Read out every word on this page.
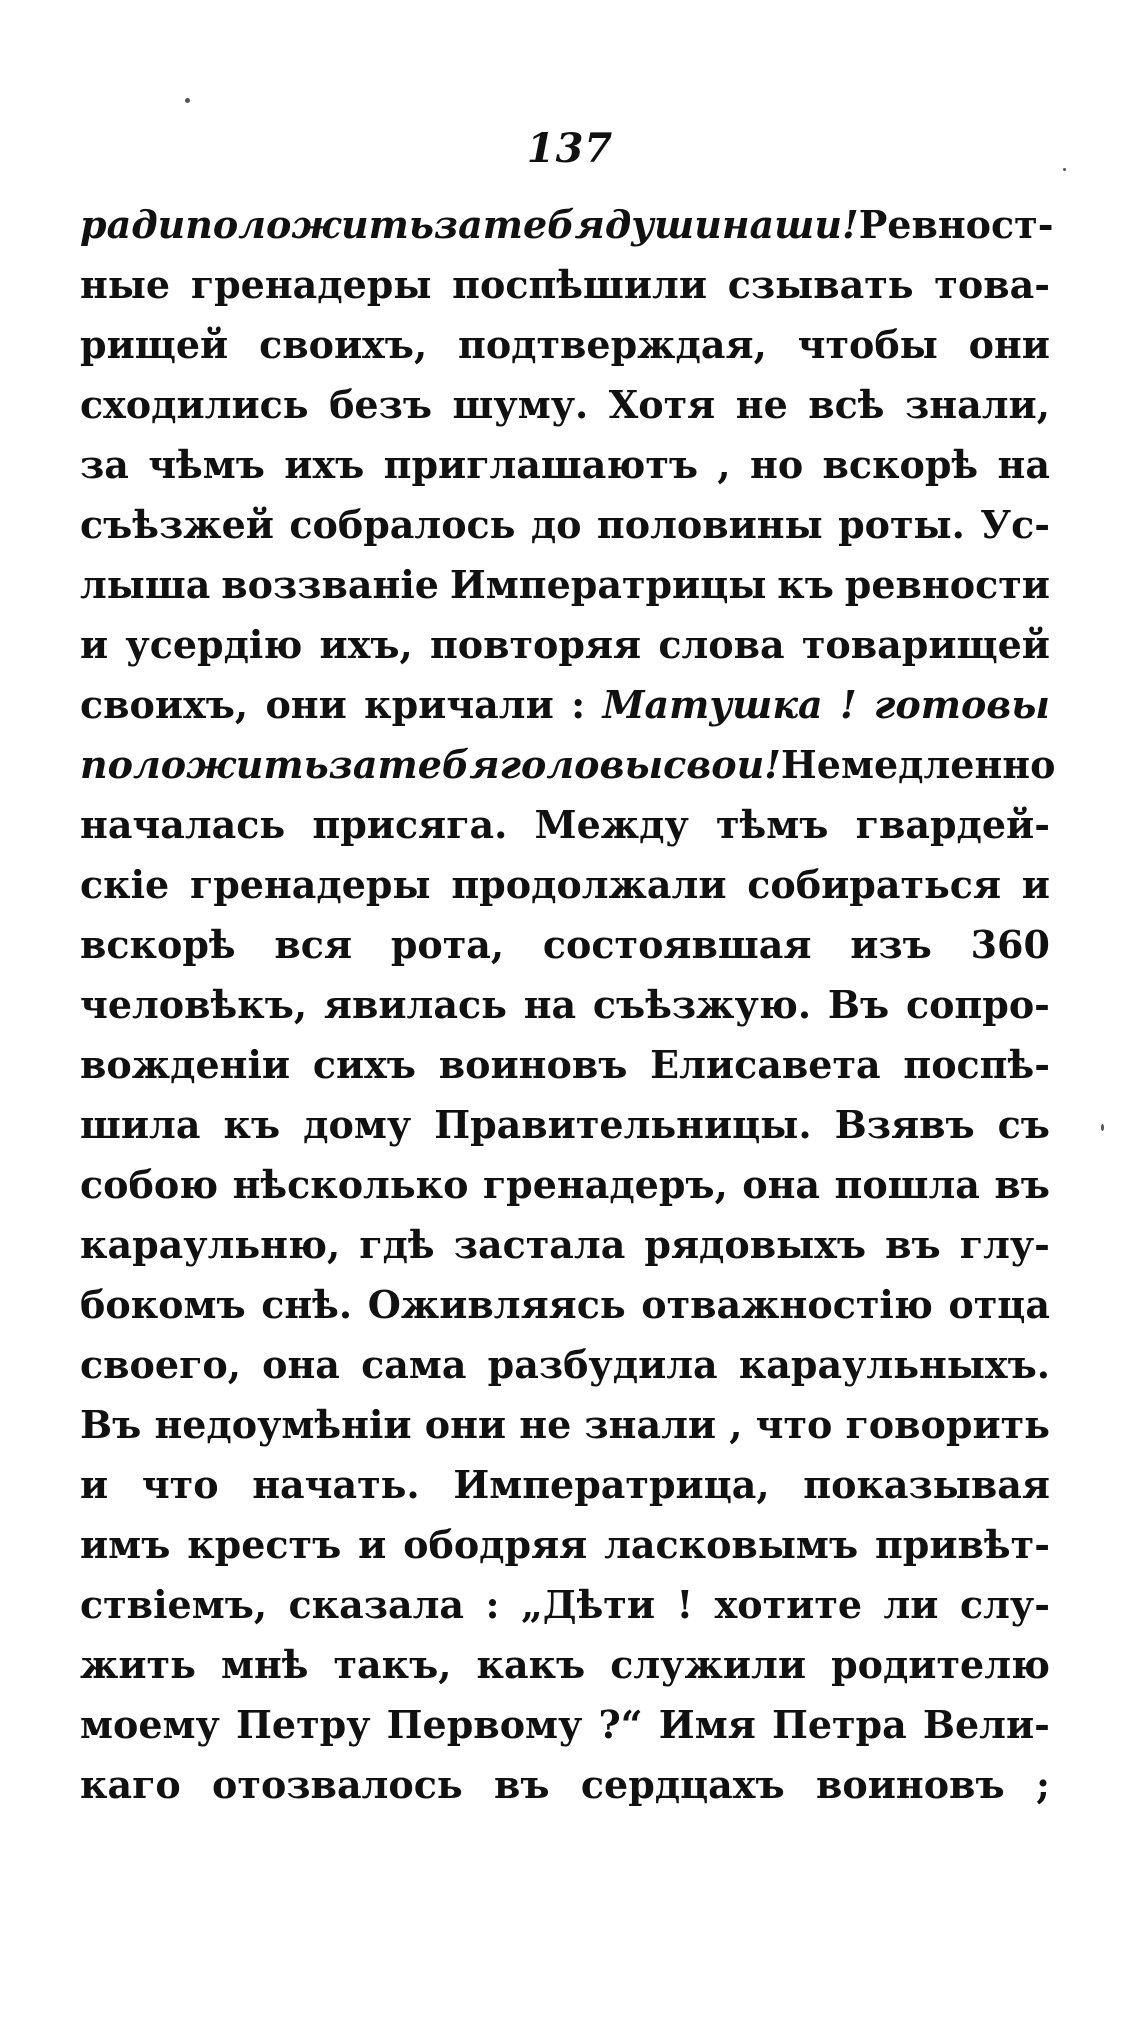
137
ради положить за тебя души наши ! Ревност-
ные гренадеры поспѣшили сзывать това-
рищей своихъ, подтверждая, чтобы они
сходились безъ шуму. Хотя не всѣ знали,
за чѣмъ ихъ приглашаютъ , но вскорѣ на
съѣзжей собралось до половины роты. Ус-
лыша воззваніе Императрицы къ ревности
и усердію ихъ, повторяя слова товарищей
своихъ, они кричали : Матушка ! готовы
положить за тебя головы свои ! Немедленно
началась присяга. Между тѣмъ гвардей-
скіе гренадеры продолжали собираться и
вскорѣ вся рота, состоявшая изъ 360
человѣкъ, явилась на съѣзжую. Въ сопро-
вожденіи сихъ воиновъ Елисавета поспѣ-
шила къ дому Правительницы. Взявъ съ
собою нѣсколько гренадеръ, она пошла въ
караульню, гдѣ застала рядовыхъ въ глу-
бокомъ снѣ. Оживляясь отважностію отца
своего, она сама разбудила караульныхъ.
Въ недоумѣніи они не знали , что говорить
и что начать. Императрица, показывая
имъ крестъ и ободряя ласковымъ привѣт-
ствіемъ, сказала : „Дѣти ! хотите ли слу-
жить мнѣ такъ, какъ служили родителю
моему Петру Первому ?“ Имя Петра Вели-
каго отозвалось въ сердцахъ воиновъ ;
